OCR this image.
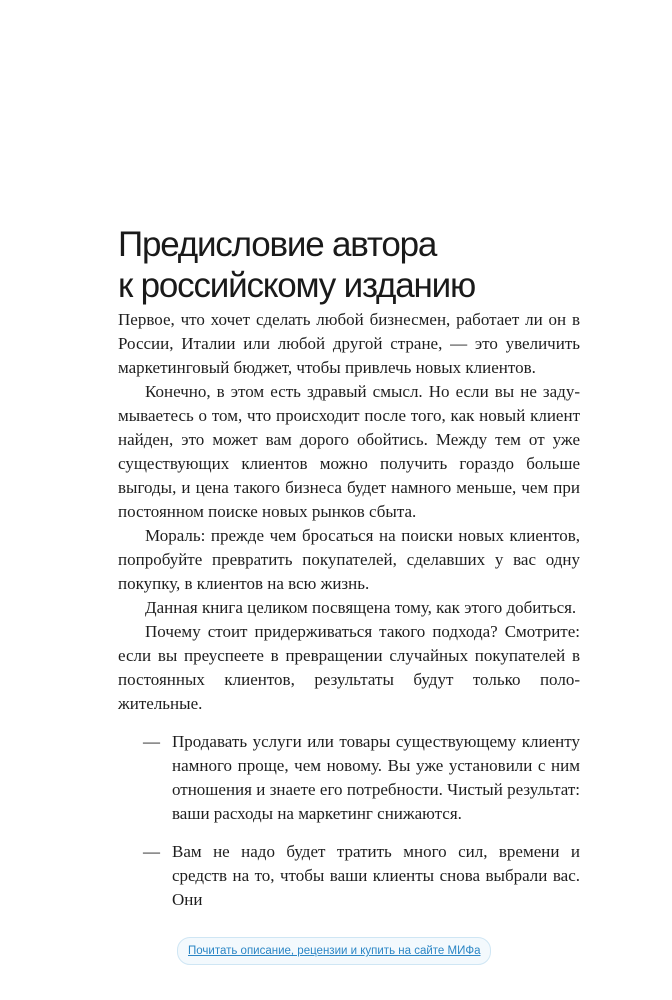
Предисловие автора
к российскому изданию

Первое, что хочет сделать любой бизнесмен, работает ли он в России, Италии или любой другой стране, — это увеличить маркетинговый бюджет, чтобы привлечь новых клиентов.

Конечно, в этом есть здравый смысл. Но если вы не задумываетесь о том, что происходит после того, как новый клиент найден, это может вам дорого обойтись. Между тем от уже существующих клиентов можно получить гораздо больше выгоды, и цена такого бизнеса будет намного меньше, чем при постоянном поиске новых рынков сбыта.

Мораль: прежде чем бросаться на поиски новых клиентов, попробуйте превратить покупателей, сделавших у вас одну покупку, в клиентов на всю жизнь.

Данная книга целиком посвящена тому, как этого добиться.

Почему стоит придерживаться такого подхода? Смотрите: если вы преуспеете в превращении случайных покупателей в постоянных клиентов, результаты будут только положительные.

— Продавать услуги или товары существующему клиенту намного проще, чем новому. Вы уже установили с ним отношения и знаете его потребности. Чистый результат: ваши расходы на маркетинг снижаются.
— Вам не надо будет тратить много сил, времени и средств на то, чтобы ваши клиенты снова выбрали вас. Они
Почитать описание, рецензии и купить на сайте МИФа
